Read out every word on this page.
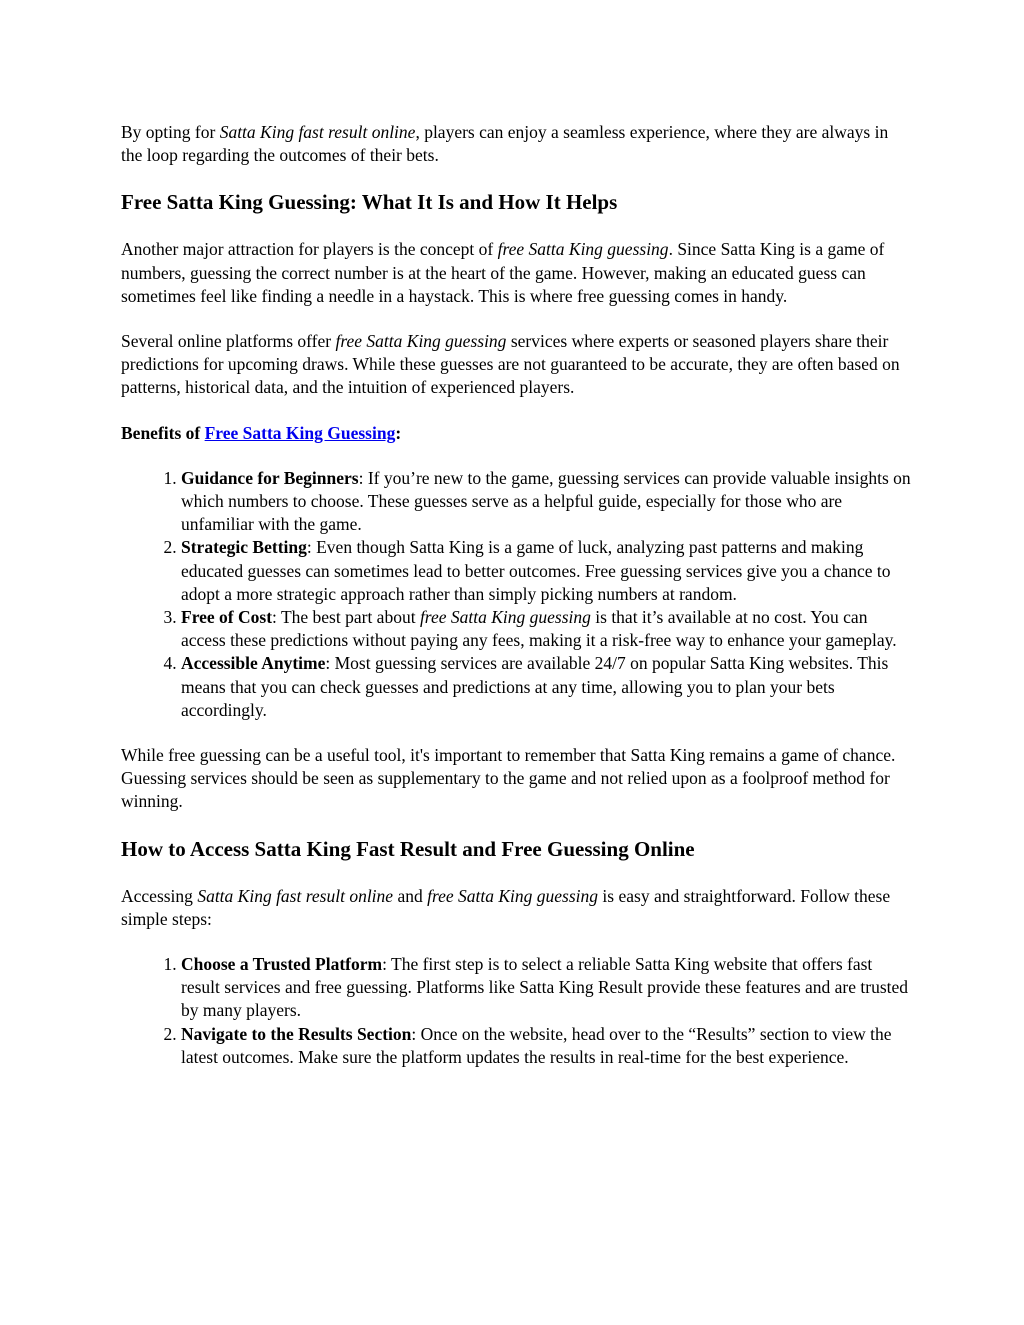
By opting for Satta King fast result online, players can enjoy a seamless experience, where they are always in the loop regarding the outcomes of their bets.

Free Satta King Guessing: What It Is and How It Helps

Another major attraction for players is the concept of free Satta King guessing. Since Satta King is a game of numbers, guessing the correct number is at the heart of the game. However, making an educated guess can sometimes feel like finding a needle in a haystack. This is where free guessing comes in handy.

Several online platforms offer free Satta King guessing services where experts or seasoned players share their predictions for upcoming draws. While these guesses are not guaranteed to be accurate, they are often based on patterns, historical data, and the intuition of experienced players.

Benefits of Free Satta King Guessing:

1. Guidance for Beginners: If you’re new to the game, guessing services can provide valuable insights on which numbers to choose. These guesses serve as a helpful guide, especially for those who are unfamiliar with the game.
2. Strategic Betting: Even though Satta King is a game of luck, analyzing past patterns and making educated guesses can sometimes lead to better outcomes. Free guessing services give you a chance to adopt a more strategic approach rather than simply picking numbers at random.
3. Free of Cost: The best part about free Satta King guessing is that it’s available at no cost. You can access these predictions without paying any fees, making it a risk-free way to enhance your gameplay.
4. Accessible Anytime: Most guessing services are available 24/7 on popular Satta King websites. This means that you can check guesses and predictions at any time, allowing you to plan your bets accordingly.

While free guessing can be a useful tool, it's important to remember that Satta King remains a game of chance. Guessing services should be seen as supplementary to the game and not relied upon as a foolproof method for winning.

How to Access Satta King Fast Result and Free Guessing Online

Accessing Satta King fast result online and free Satta King guessing is easy and straightforward. Follow these simple steps:

1. Choose a Trusted Platform: The first step is to select a reliable Satta King website that offers fast result services and free guessing. Platforms like Satta King Result provide these features and are trusted by many players.
2. Navigate to the Results Section: Once on the website, head over to the “Results” section to view the latest outcomes. Make sure the platform updates the results in real-time for the best experience.
